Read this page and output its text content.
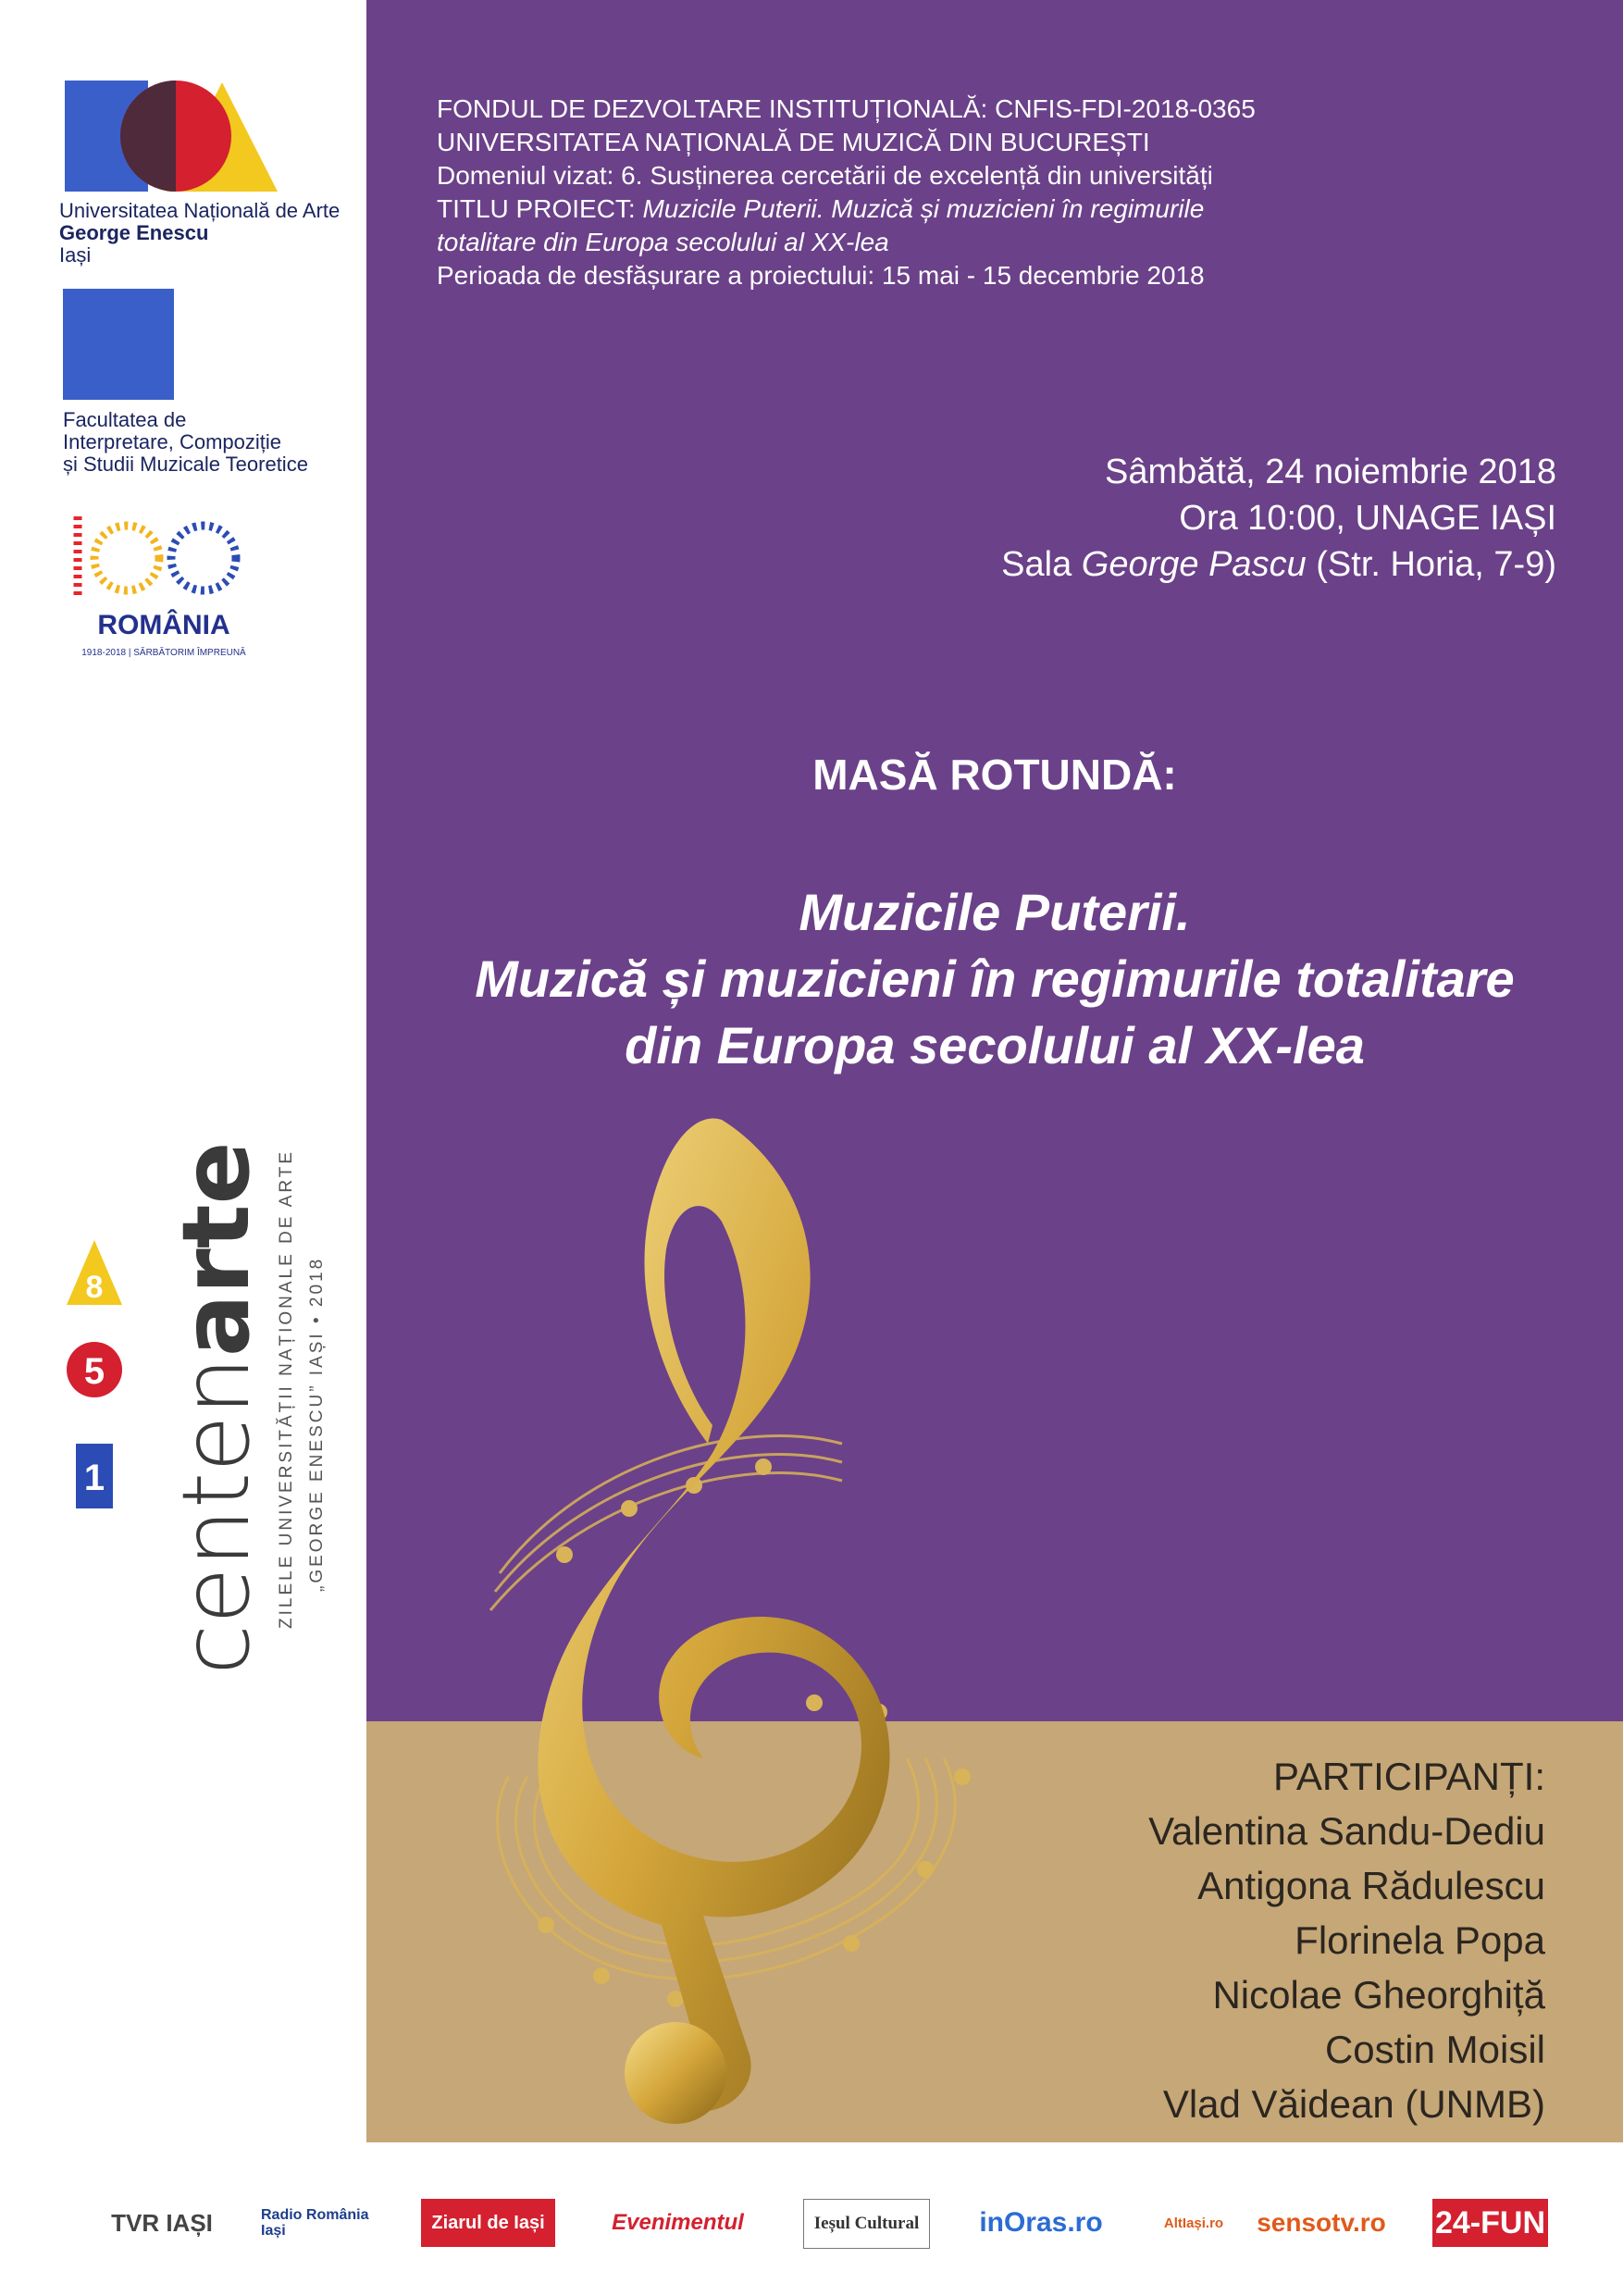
Universitatea Națională de Arte
George Enescu
Iași
Facultatea de
Interpretare, Compoziție
și Studii Muzicale Teoretice
ROMÂNIA
1918-2018 | SĂRBĂTORIM ÎMPREUNĂ
centenarte ZILELE UNIVERSITĂȚII NAȚIONALE DE ARTE „GEORGE ENESCU” IAȘI • 2018
1
5
8
FONDUL DE DEZVOLTARE INSTITUȚIONALĂ: CNFIS-FDI-2018-0365
UNIVERSITATEA NAȚIONALĂ DE MUZICĂ DIN BUCUREȘTI
Domeniul vizat: 6. Susținerea cercetării de excelență din universități
TITLU PROIECT: Muzicile Puterii. Muzică și muzicieni în regimurile
totalitare din Europa secolului al XX-lea
Perioada de desfășurare a proiectului: 15 mai - 15 decembrie 2018
Sâmbătă, 24 noiembrie 2018
Ora 10:00, UNAGE IAȘI
Sala George Pascu (Str. Horia, 7-9)
MASĂ ROTUNDĂ:
Muzicile Puterii.
Muzică și muzicieni în regimurile totalitare
din Europa secolului al XX-lea
PARTICIPANȚI:
Valentina Sandu-Dediu
Antigona Rădulescu
Florinela Popa
Nicolae Gheorghiță
Costin Moisil
Vlad Văidean (UNMB)
TVR IAȘI	Radio România Iași	Ziarul de Iași	Evenimentul	Ieșul Cultural	inOras.ro	AltIași.ro	sensotv.ro	24-FUN
